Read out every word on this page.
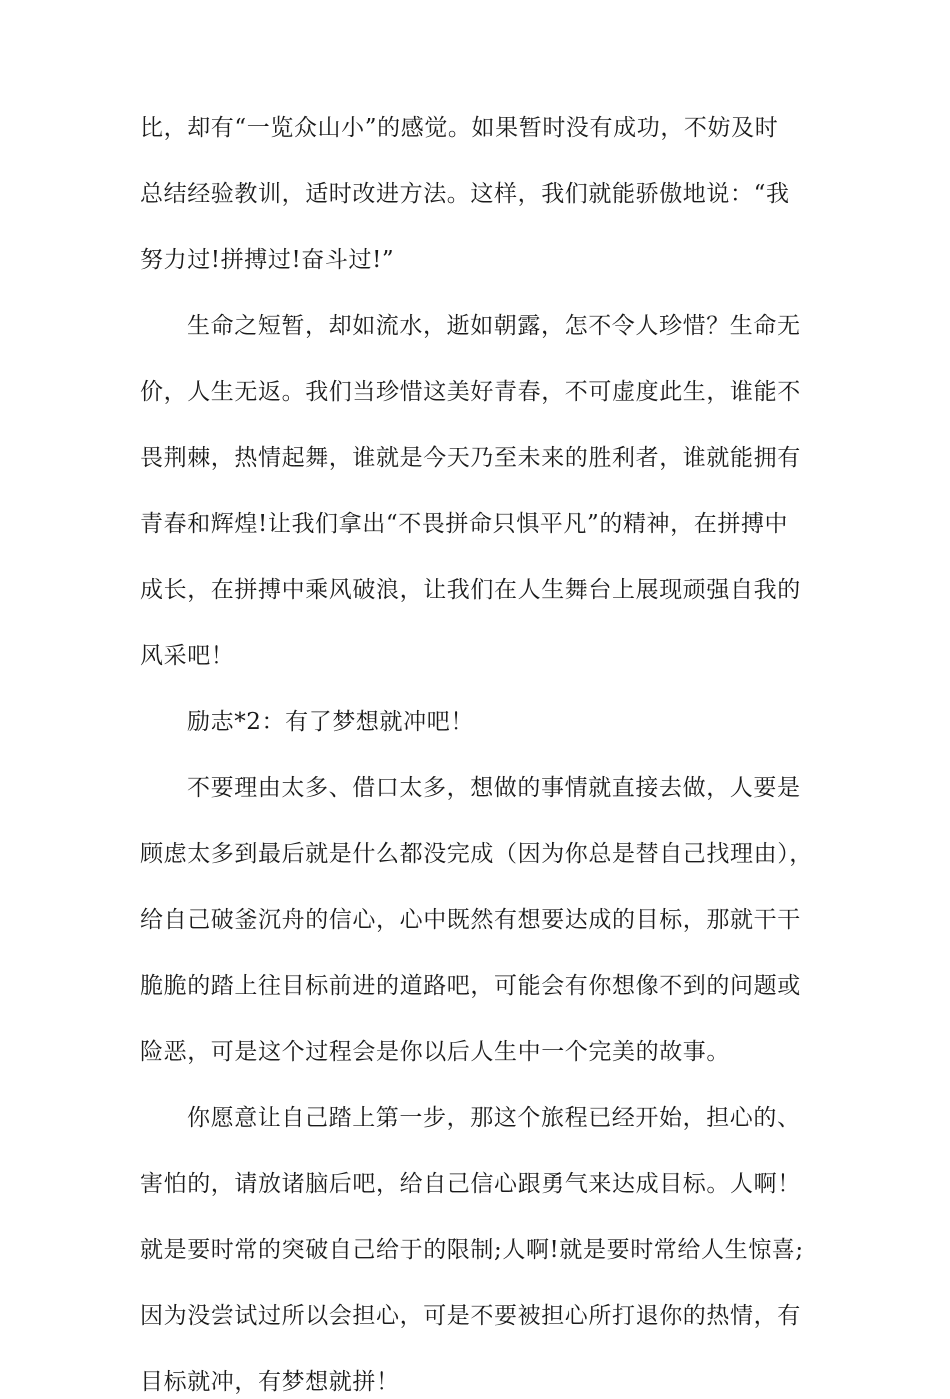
比，却有“一览众山小”的感觉。如果暂时没有成功，不妨及时
总结经验教训，适时改进方法。这样，我们就能骄傲地说：“我
努力过!拼搏过!奋斗过!”
生命之短暂，却如流水，逝如朝露，怎不令人珍惜？生命无
价，人生无返。我们当珍惜这美好青春，不可虚度此生，谁能不
畏荆棘，热情起舞，谁就是今天乃至未来的胜利者，谁就能拥有
青春和辉煌!让我们拿出“不畏拼命只惧平凡”的精神，在拼搏中
成长，在拼搏中乘风破浪，让我们在人生舞台上展现顽强自我的
风采吧！
励志*2：有了梦想就冲吧！
不要理由太多、借口太多，想做的事情就直接去做，人要是
顾虑太多到最后就是什么都没完成（因为你总是替自己找理由），
给自己破釜沉舟的信心，心中既然有想要达成的目标，那就干干
脆脆的踏上往目标前进的道路吧，可能会有你想像不到的问题或
险恶，可是这个过程会是你以后人生中一个完美的故事。
你愿意让自己踏上第一步，那这个旅程已经开始，担心的、
害怕的，请放诸脑后吧，给自己信心跟勇气来达成目标。人啊！
就是要时常的突破自己给于的限制;人啊!就是要时常给人生惊喜;
因为没尝试过所以会担心，可是不要被担心所打退你的热情，有
目标就冲，有梦想就拼！
